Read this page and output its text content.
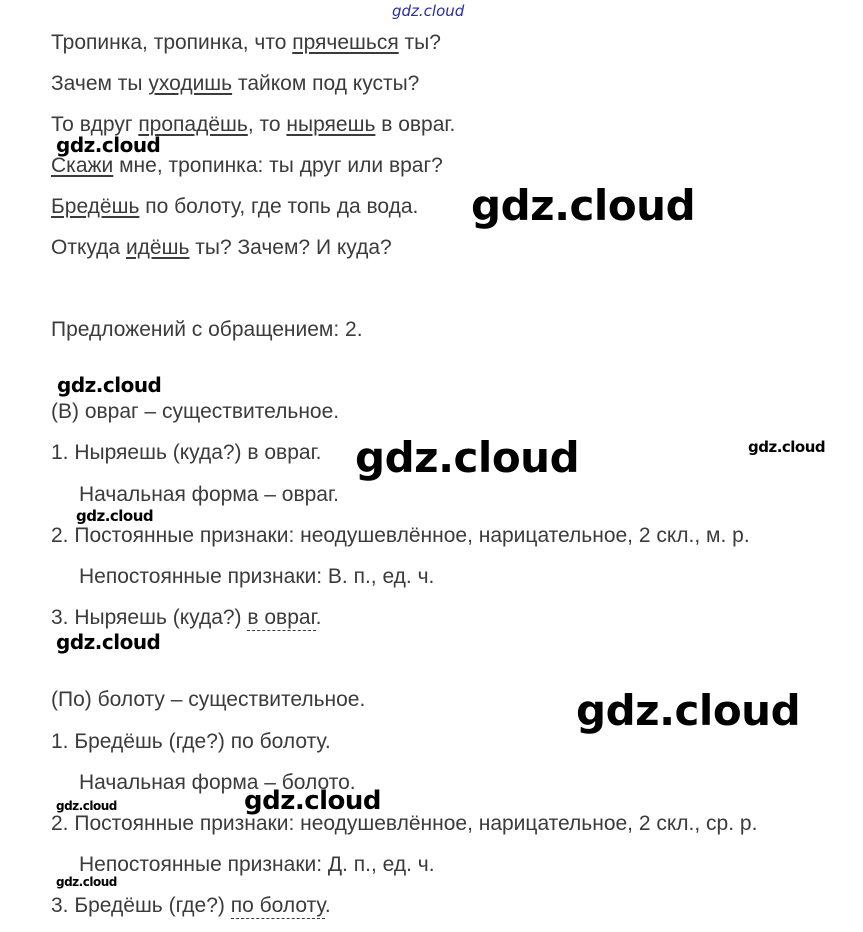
gdz.cloud
Тропинка, тропинка, что прячешься ты?
Зачем ты уходишь тайком под кусты?
То вдруг пропадёшь, то ныряешь в овраг.
Скажи мне, тропинка: ты друг или враг?
Бредёшь по болоту, где топь да вода.
Откуда идёшь ты? Зачем? И куда?
Предложений с обращением: 2.
(В) овраг – существительное.
1. Ныряешь (куда?) в овраг.
Начальная форма – овраг.
2. Постоянные признаки: неодушевлённое, нарицательное, 2 скл., м. р.
Непостоянные признаки: В. п., ед. ч.
3. Ныряешь (куда?) в овраг.
(По) болоту – существительное.
1. Бредёшь (где?) по болоту.
Начальная форма – болото.
2. Постоянные признаки: неодушевлённое, нарицательное, 2 скл., ср. р.
Непостоянные признаки: Д. п., ед. ч.
3. Бредёшь (где?) по болоту.
gdz.cloud
gdz.cloud
gdz.cloud
gdz.cloud	gdz.cloud
gdz.cloud
gdz.cloud
gdz.cloud
gdz.cloud
gdz.cloud
gdz.cloud
